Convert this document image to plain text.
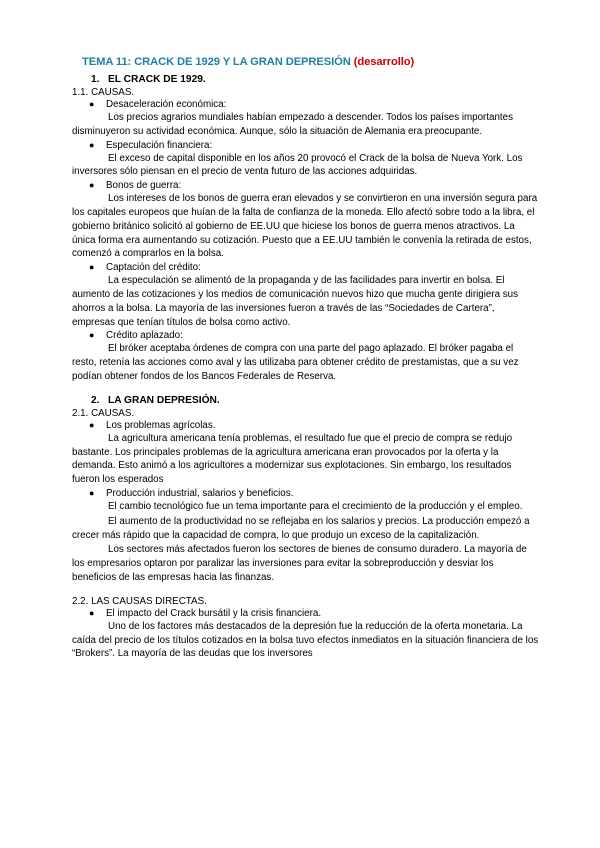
TEMA 11: CRACK DE 1929 Y LA GRAN DEPRESIÓN (desarrollo)
1. EL CRACK DE 1929.
1.1. CAUSAS.
● Desaceleración económica:

Los precios agrarios mundiales habían empezado a descender. Todos los países importantes disminuyeron su actividad económica. Aunque, sólo la situación de Alemania era preocupante.

● Especulación financiera:

El exceso de capital disponible en los años 20 provocó el Crack de la bolsa de Nueva York. Los inversores sólo piensan en el precio de venta futuro de las acciones adquiridas.

● Bonos de guerra:

Los intereses de los bonos de guerra eran elevados y se convirtieron en una inversión segura para los capitales europeos que huían de la falta de confianza de la moneda. Ello afectó sobre todo a la libra, el gobierno británico solicitó al gobierno de EE.UU que hiciese los bonos de guerra menos atractivos. La única forma era aumentando su cotización. Puesto que a EE.UU también le convenía la retirada de estos, comenzó a comprarlos en la bolsa.

● Captación del crédito:

La especulación se alimentó de la propaganda y de las facilidades para invertir en bolsa. El aumento de las cotizaciones y los medios de comunicación nuevos hizo que mucha gente dirigiera sus ahorros a la bolsa. La mayoría de las inversiones fueron a través de las “Sociedades de Cartera”, empresas que tenían títulos de bolsa como activo.

● Crédito aplazado:

El bróker aceptaba órdenes de compra con una parte del pago aplazado. El bróker pagaba el resto, retenía las acciones como aval y las utilizaba para obtener crédito de prestamistas, que a su vez podían obtener fondos de los Bancos Federales de Reserva.

2. LA GRAN DEPRESIÓN.
2.1. CAUSAS.
● Los problemas agrícolas.

La agricultura americana tenía problemas, el resultado fue que el precio de compra se redujo bastante. Los principales problemas de la agricultura americana eran provocados por la oferta y la demanda. Esto animó a los agricultores a modernizar sus explotaciones. Sin embargo, los resultados fueron los esperados

● Producción industrial, salarios y beneficios.

El cambio tecnológico fue un tema importante para el crecimiento de la producción y el empleo.

El aumento de la productividad no se reflejaba en los salarios y precios. La producción empezó a crecer más rápido que la capacidad de compra, lo que produjo un exceso de la capitalización.

Los sectores más afectados fueron los sectores de bienes de consumo duradero. La mayoría de los empresarios optaron por paralizar las inversiones para evitar la sobreproducción y desviar los beneficios de las empresas hacia las finanzas.

2.2. LAS CAUSAS DIRECTAS.
● El impacto del Crack bursátil y la crisis financiera.

Uno de los factores más destacados de la depresión fue la reducción de la oferta monetaria. La caída del precio de los títulos cotizados en la bolsa tuvo efectos inmediatos en la situación financiera de los “Brokers”. La mayoría de las deudas que los inversores
